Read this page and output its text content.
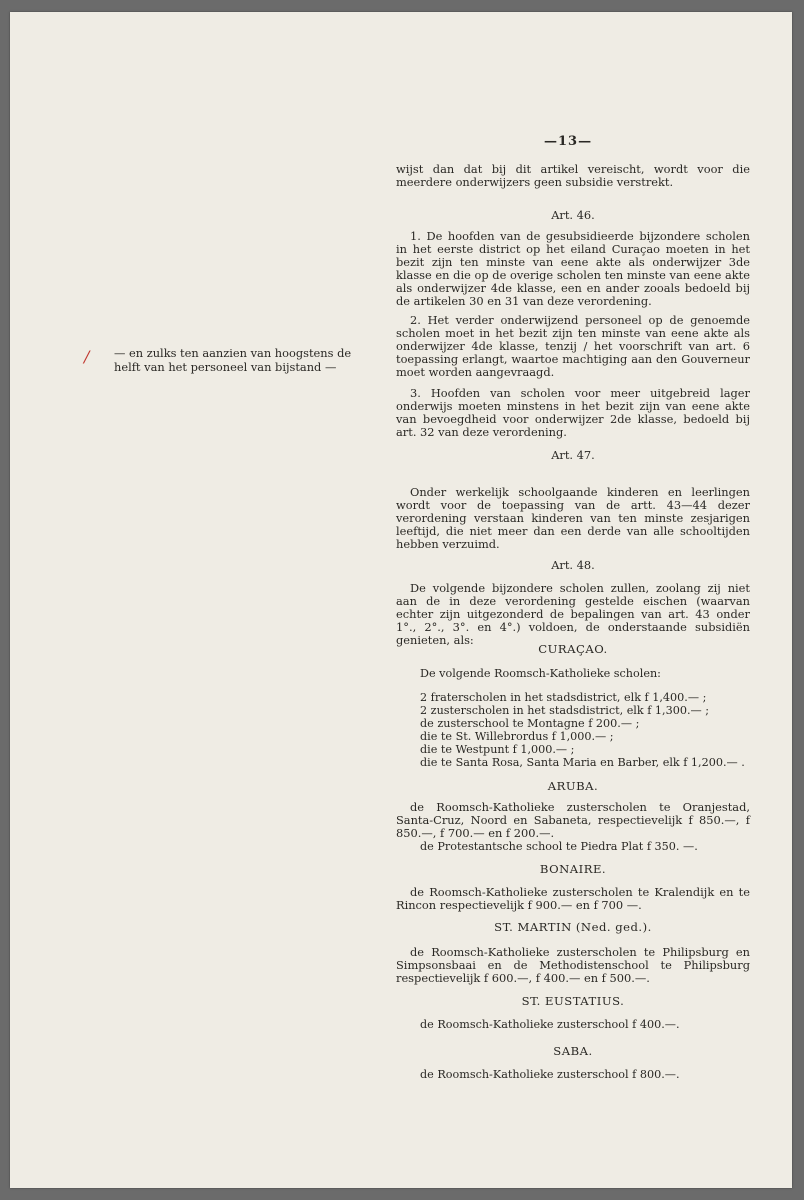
—13—
wijst dan dat bij dit artikel vereischt, wordt voor die meerdere onderwijzers geen subsidie verstrekt.
Art. 46.
1. De hoofden van de gesubsidieerde bijzondere scholen in het eerste district op het eiland Curaçao moeten in het bezit zijn ten minste van eene akte als onderwijzer 3de klasse en die op de overige scholen ten minste van eene akte als onderwijzer 4de klasse, een en ander zooals bedoeld bij de artikelen 30 en 31 van deze verordening.
2. Het verder onderwijzend personeel op de genoemde scholen moet in het bezit zijn ten minste van eene akte als onderwijzer 4de klasse, tenzij / het voorschrift van art. 6 toepassing erlangt, waartoe machtiging aan den Gouverneur moet worden aangevraagd.
3. Hoofden van scholen voor meer uitgebreid lager onderwijs moeten minstens in het bezit zijn van eene akte van bevoegdheid voor onderwijzer 2de klasse, bedoeld bij art. 32 van deze verordening.
/ — en zulks ten aanzien van hoogstens de helft van het personeel van bijstand —
Art. 47.
Onder werkelijk schoolgaande kinderen en leerlingen wordt voor de toepassing van de artt. 43—44 dezer verordening verstaan kinderen van ten minste zesjarigen leeftijd, die niet meer dan een derde van alle schooltijden hebben verzuimd.
Art. 48.
De volgende bijzondere scholen zullen, zoolang zij niet aan de in deze verordening gestelde eischen (waarvan echter zijn uitgezonderd de bepalingen van art. 43 onder 1°., 2°., 3°. en 4°.) voldoen, de onderstaande subsidiën genieten, als:
CURAÇAO.
De volgende Roomsch-Katholieke scholen:
2 fraterscholen in het stadsdistrict, elk f 1,400.— ;
2 zusterscholen in het stadsdistrict, elk f 1,300.— ;
de zusterschool te Montagne f 200.— ;
die te St. Willebrordus f 1,000.— ;
die te Westpunt f 1,000.— ;
die te Santa Rosa, Santa Maria en Barber, elk f 1,200.— .
ARUBA.
de Roomsch-Katholieke zusterscholen te Oranjestad, Santa-Cruz, Noord en Sabaneta, respectievelijk f 850.—, f 850.—, f 700.— en f 200.—.
de Protestantsche school te Piedra Plat f 350. —.
BONAIRE.
de Roomsch-Katholieke zusterscholen te Kralendijk en te Rincon respectievelijk f 900.— en f 700 —.
ST. MARTIN (Ned. ged.).
de Roomsch-Katholieke zusterscholen te Philipsburg en Simpsonsbaai en de Methodistenschool te Philipsburg respectievelijk f 600.—, f 400.— en f 500.—.
ST. EUSTATIUS.
de Roomsch-Katholieke zusterschool f 400.—.
SABA.
de Roomsch-Katholieke zusterschool f 800.—.
